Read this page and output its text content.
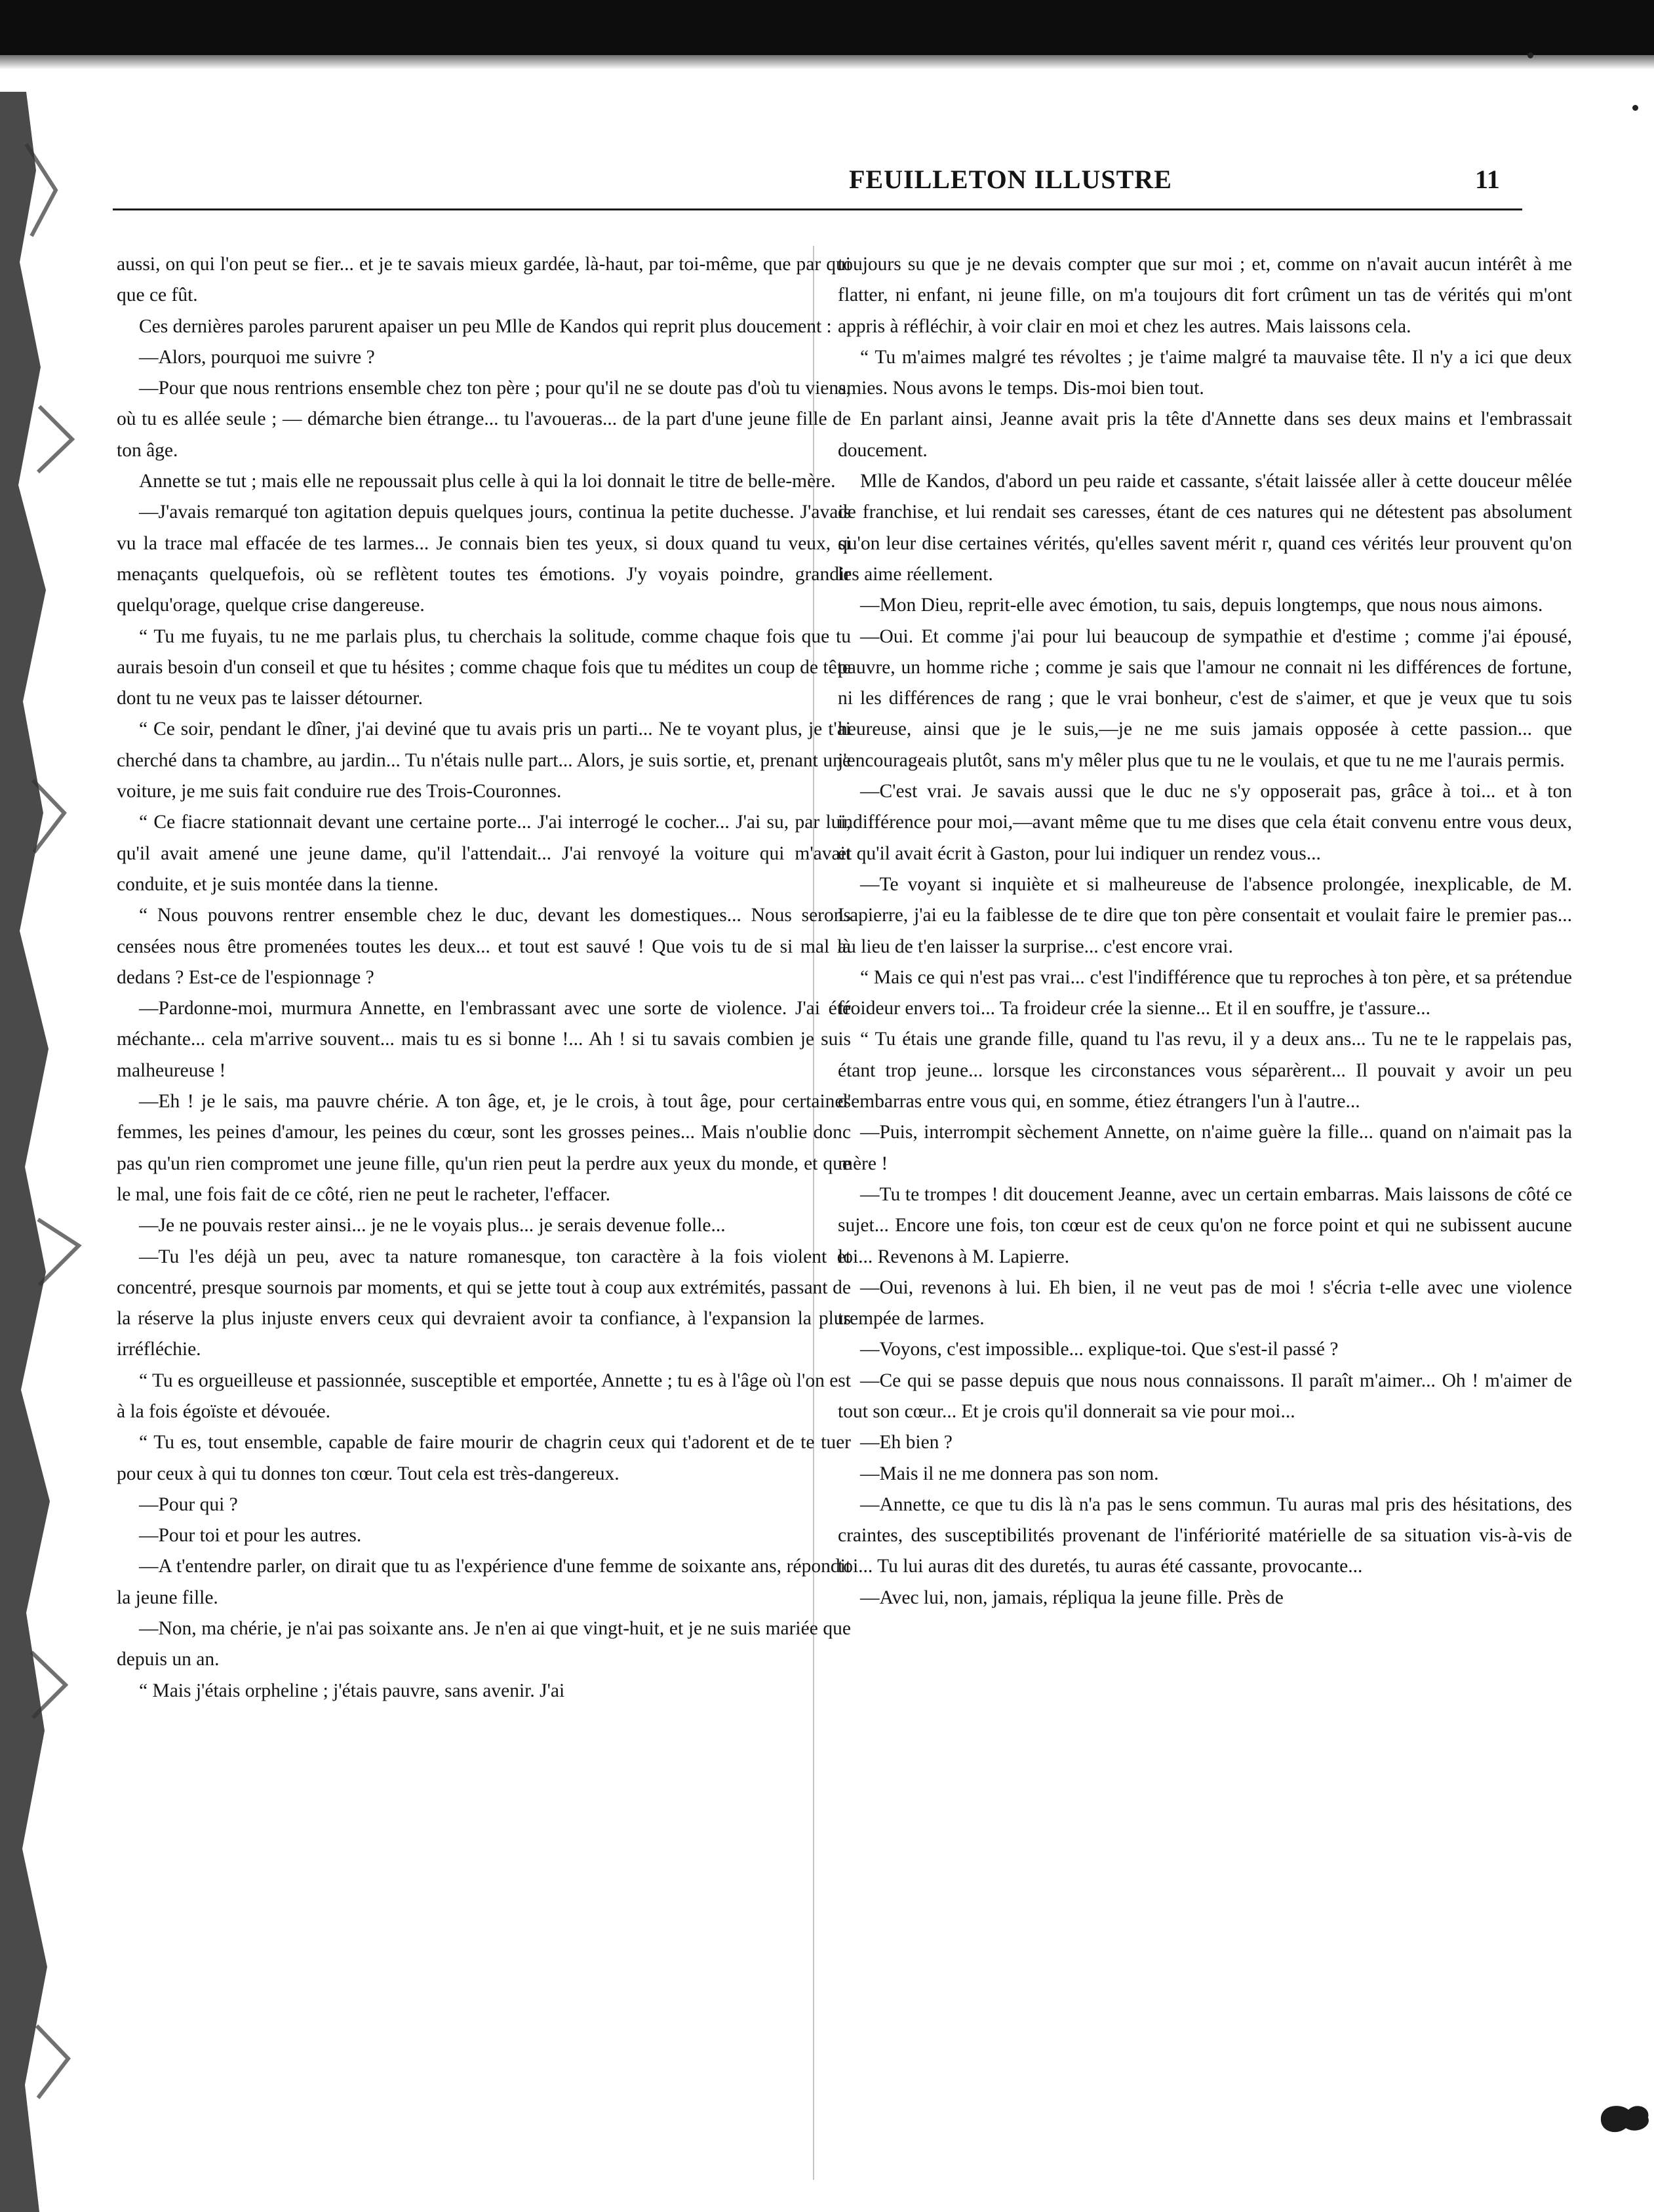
FEUILLETON ILLUSTRE	11

aussi, on qui l'on peut se fier... et je te savais mieux gardée, là-haut, par toi-même, que par qui que ce fût.

Ces dernières paroles parurent apaiser un peu Mlle de Kandos qui reprit plus doucement :

—Alors, pourquoi me suivre ?

—Pour que nous rentrions ensemble chez ton père ; pour qu'il ne se doute pas d'où tu viens, où tu es allée seule ; — démarche bien étrange... tu l'avoueras... de la part d'une jeune fille de ton âge.

Annette se tut ; mais elle ne repoussait plus celle à qui la loi donnait le titre de belle-mère.

—J'avais remarqué ton agitation depuis quelques jours, continua la petite duchesse. J'avais vu la trace mal effacée de tes larmes... Je connais bien tes yeux, si doux quand tu veux, si menaçants quelquefois, où se reflètent toutes tes émotions. J'y voyais poindre, grandir quelqu'orage, quelque crise dangereuse.

“ Tu me fuyais, tu ne me parlais plus, tu cherchais la solitude, comme chaque fois que tu aurais besoin d'un conseil et que tu hésites ; comme chaque fois que tu médites un coup de tête dont tu ne veux pas te laisser détourner.

“ Ce soir, pendant le dîner, j'ai deviné que tu avais pris un parti... Ne te voyant plus, je t'ai cherché dans ta chambre, au jardin... Tu n'étais nulle part... Alors, je suis sortie, et, prenant une voiture, je me suis fait conduire rue des Trois-Couronnes.

“ Ce fiacre stationnait devant une certaine porte... J'ai interrogé le cocher... J'ai su, par lui, qu'il avait amené une jeune dame, qu'il l'attendait... J'ai renvoyé la voiture qui m'avait conduite, et je suis montée dans la tienne.

“ Nous pouvons rentrer ensemble chez le duc, devant les domestiques... Nous serons censées nous être promenées toutes les deux... et tout est sauvé ! Que vois tu de si mal là dedans ? Est-ce de l'espionnage ?

—Pardonne-moi, murmura Annette, en l'embrassant avec une sorte de violence. J'ai été méchante... cela m'arrive souvent... mais tu es si bonne !... Ah ! si tu savais combien je suis malheureuse !

—Eh ! je le sais, ma pauvre chérie. A ton âge, et, je le crois, à tout âge, pour certaines femmes, les peines d'amour, les peines du cœur, sont les grosses peines... Mais n'oublie donc pas qu'un rien compromet une jeune fille, qu'un rien peut la perdre aux yeux du monde, et que le mal, une fois fait de ce côté, rien ne peut le racheter, l'effacer.

—Je ne pouvais rester ainsi... je ne le voyais plus... je serais devenue folle...

—Tu l'es déjà un peu, avec ta nature romanesque, ton caractère à la fois violent et concentré, presque sournois par moments, et qui se jette tout à coup aux extrémités, passant de la réserve la plus injuste envers ceux qui devraient avoir ta confiance, à l'expansion la plus irréfléchie.

“ Tu es orgueilleuse et passionnée, susceptible et emportée, Annette ; tu es à l'âge où l'on est à la fois égoïste et dévouée.

“ Tu es, tout ensemble, capable de faire mourir de chagrin ceux qui t'adorent et de te tuer pour ceux à qui tu donnes ton cœur. Tout cela est très-dangereux.

—Pour qui ?

—Pour toi et pour les autres.

—A t'entendre parler, on dirait que tu as l'expérience d'une femme de soixante ans, répondit la jeune fille.

—Non, ma chérie, je n'ai pas soixante ans. Je n'en ai que vingt-huit, et je ne suis mariée que depuis un an.

“ Mais j'étais orpheline ; j'étais pauvre, sans avenir. J'ai

toujours su que je ne devais compter que sur moi ; et, comme on n'avait aucun intérêt à me flatter, ni enfant, ni jeune fille, on m'a toujours dit fort crûment un tas de vérités qui m'ont appris à réfléchir, à voir clair en moi et chez les autres. Mais laissons cela.

“ Tu m'aimes malgré tes révoltes ; je t'aime malgré ta mauvaise tête. Il n'y a ici que deux amies. Nous avons le temps. Dis-moi bien tout.

En parlant ainsi, Jeanne avait pris la tête d'Annette dans ses deux mains et l'embrassait doucement.

Mlle de Kandos, d'abord un peu raide et cassante, s'était laissée aller à cette douceur mêlée de franchise, et lui rendait ses caresses, étant de ces natures qui ne détestent pas absolument qu'on leur dise certaines vérités, qu'elles savent mérit r, quand ces vérités leur prouvent qu'on les aime réellement.

—Mon Dieu, reprit-elle avec émotion, tu sais, depuis longtemps, que nous nous aimons.

—Oui. Et comme j'ai pour lui beaucoup de sympathie et d'estime ; comme j'ai épousé, pauvre, un homme riche ; comme je sais que l'amour ne connait ni les différences de fortune, ni les différences de rang ; que le vrai bonheur, c'est de s'aimer, et que je veux que tu sois heureuse, ainsi que je le suis,—je ne me suis jamais opposée à cette passion... que j'encourageais plutôt, sans m'y mêler plus que tu ne le voulais, et que tu ne me l'aurais permis.

—C'est vrai. Je savais aussi que le duc ne s'y opposerait pas, grâce à toi... et à ton indifférence pour moi,—avant même que tu me dises que cela était convenu entre vous deux, et qu'il avait écrit à Gaston, pour lui indiquer un rendez vous...

—Te voyant si inquiète et si malheureuse de l'absence prolongée, inexplicable, de M. Lapierre, j'ai eu la faiblesse de te dire que ton père consentait et voulait faire le premier pas... au lieu de t'en laisser la surprise... c'est encore vrai.

“ Mais ce qui n'est pas vrai... c'est l'indifférence que tu reproches à ton père, et sa prétendue froideur envers toi... Ta froideur crée la sienne... Et il en souffre, je t'assure...

“ Tu étais une grande fille, quand tu l'as revu, il y a deux ans... Tu ne te le rappelais pas, étant trop jeune... lorsque les circonstances vous séparèrent... Il pouvait y avoir un peu d'embarras entre vous qui, en somme, étiez étrangers l'un à l'autre...

—Puis, interrompit sèchement Annette, on n'aime guère la fille... quand on n'aimait pas la mère !

—Tu te trompes ! dit doucement Jeanne, avec un certain embarras. Mais laissons de côté ce sujet... Encore une fois, ton cœur est de ceux qu'on ne force point et qui ne subissent aucune loi... Revenons à M. Lapierre.

—Oui, revenons à lui. Eh bien, il ne veut pas de moi ! s'écria t-elle avec une violence trempée de larmes.

—Voyons, c'est impossible... explique-toi. Que s'est-il passé ?

—Ce qui se passe depuis que nous nous connaissons. Il paraît m'aimer... Oh ! m'aimer de tout son cœur... Et je crois qu'il donnerait sa vie pour moi...

—Eh bien ?

—Mais il ne me donnera pas son nom.

—Annette, ce que tu dis là n'a pas le sens commun. Tu auras mal pris des hésitations, des craintes, des susceptibilités provenant de l'infériorité matérielle de sa situation vis-à-vis de toi... Tu lui auras dit des duretés, tu auras été cassante, provocante...

—Avec lui, non, jamais, répliqua la jeune fille. Près de
